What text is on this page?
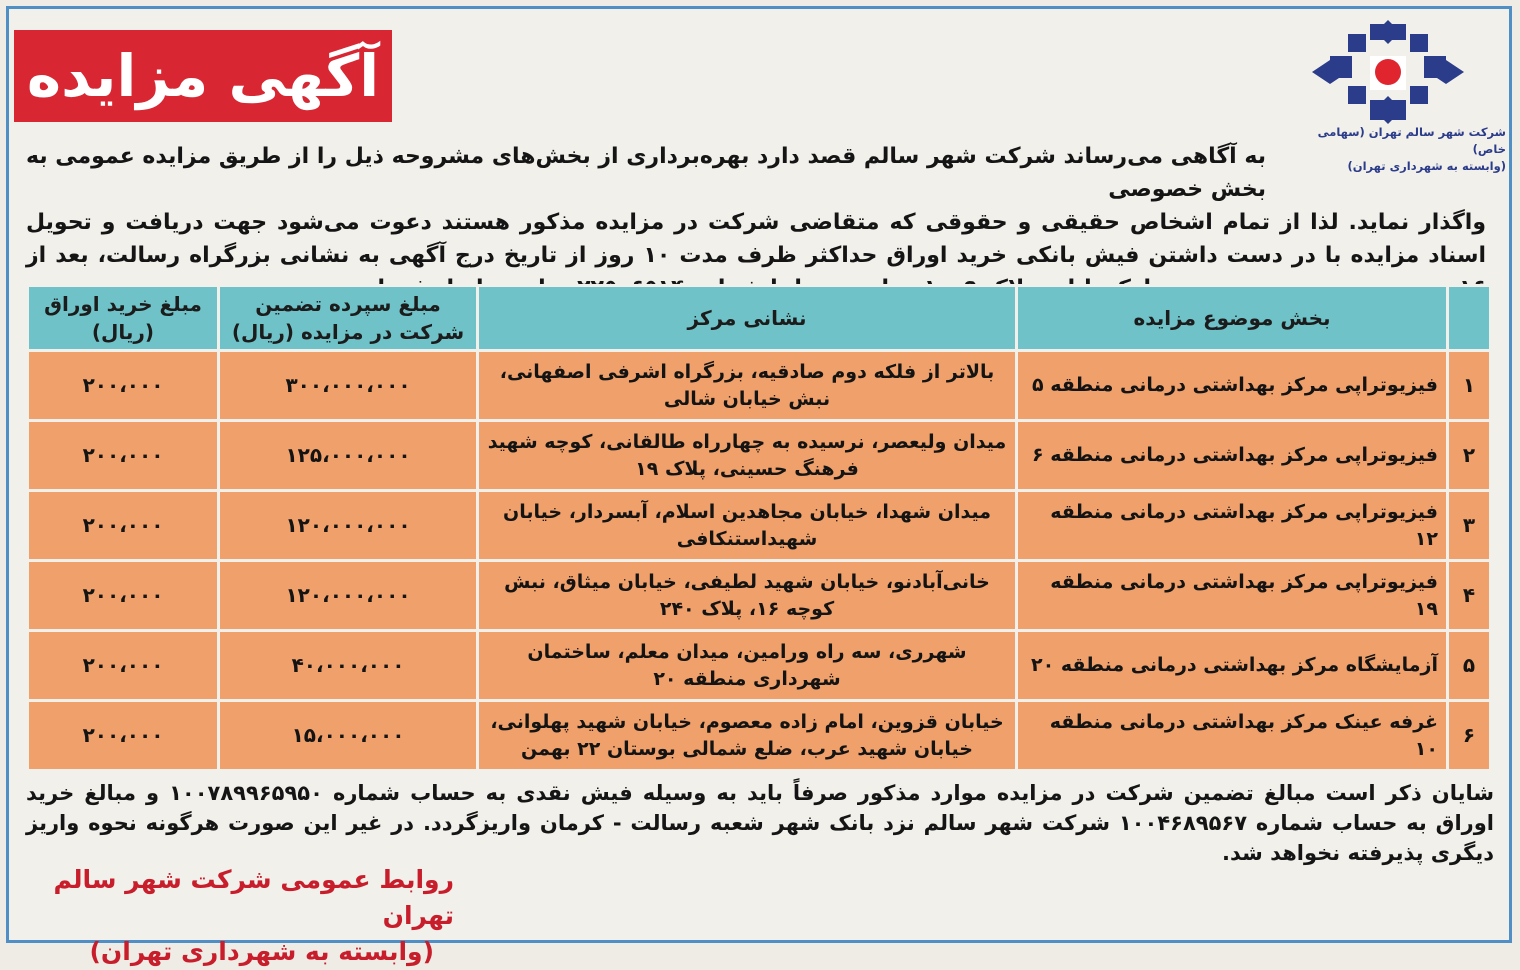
آگهی مزایده
شرکت شهر سالم تهران (سهامی خاص)
(وابسته به شهرداری تهران)
به آگاهی می‌رساند شرکت شهر سالم قصد دارد بهره‌برداری از بخش‌های مشروحه ذیل را از طریق مزایده عمومی به بخش خصوصی
واگذار نماید. لذا از تمام اشخاص حقیقی و حقوقی که متقاضی شرکت در مزایده مذکور هستند دعوت می‌شود جهت دریافت و تحویل اسناد مزایده با در دست داشتن فیش بانکی خرید اوراق حداکثر ظرف مدت ۱۰ روز از تاریخ درج آگهی به نشانی بزرگراه رسالت، بعد از
	بخش موضوع مزایده	نشانی مرکز	مبلغ سپرده تضمین شرکت در مزایده (ریال)	مبلغ خرید اوراق (ریال)
۱	فیزیوتراپی مرکز بهداشتی درمانی منطقه ۵	بالاتر از فلکه دوم صادقیه، بزرگراه اشرفی اصفهانی، نبش خیابان شالی	۳۰۰،۰۰۰،۰۰۰	۲۰۰،۰۰۰
۲	فیزیوتراپی مرکز بهداشتی درمانی منطقه ۶	میدان ولیعصر، نرسیده به چهارراه طالقانی، کوچه شهید فرهنگ حسینی، پلاک ۱۹	۱۲۵،۰۰۰،۰۰۰	۲۰۰،۰۰۰
۳	فیزیوتراپی مرکز بهداشتی درمانی منطقه ۱۲	میدان شهدا، خیابان مجاهدین اسلام، آبسردار، خیابان شهیداستنکافی	۱۲۰،۰۰۰،۰۰۰	۲۰۰،۰۰۰
۴	فیزیوتراپی مرکز بهداشتی درمانی منطقه ۱۹	خانی‌آبادنو، خیابان شهید لطیفی، خیابان میثاق، نبش کوچه ۱۶، پلاک ۲۴۰	۱۲۰،۰۰۰،۰۰۰	۲۰۰،۰۰۰
۵	آزمایشگاه مرکز بهداشتی درمانی منطقه ۲۰	شهرری، سه راه ورامین، میدان معلم، ساختمان شهرداری منطقه ۲۰	۴۰،۰۰۰،۰۰۰	۲۰۰،۰۰۰
۶	غرفه عینک مرکز بهداشتی درمانی منطقه ۱۰	خیابان قزوین، امام زاده معصوم، خیابان شهید پهلوانی، خیابان شهید عرب، ضلع شمالی بوستان ۲۲ بهمن	۱۵،۰۰۰،۰۰۰	۲۰۰،۰۰۰
شایان ذکر است مبالغ تضمین شرکت در مزایده موارد مذکور صرفاً باید به وسیله فیش نقدی به حساب شماره ۱۰۰۷۸۹۹۶۵۹۵۰ و مبالغ خرید اوراق به حساب شماره ۱۰۰۴۶۸۹۵۶۷ شرکت شهر سالم نزد بانک شهر شعبه رسالت - کرمان واریزگردد. در غیر این صورت هرگونه نحوه واریز دیگری پذیرفته نخواهد شد.
روابط عمومی شرکت شهر سالم تهران
(وابسته به شهرداری تهران)
